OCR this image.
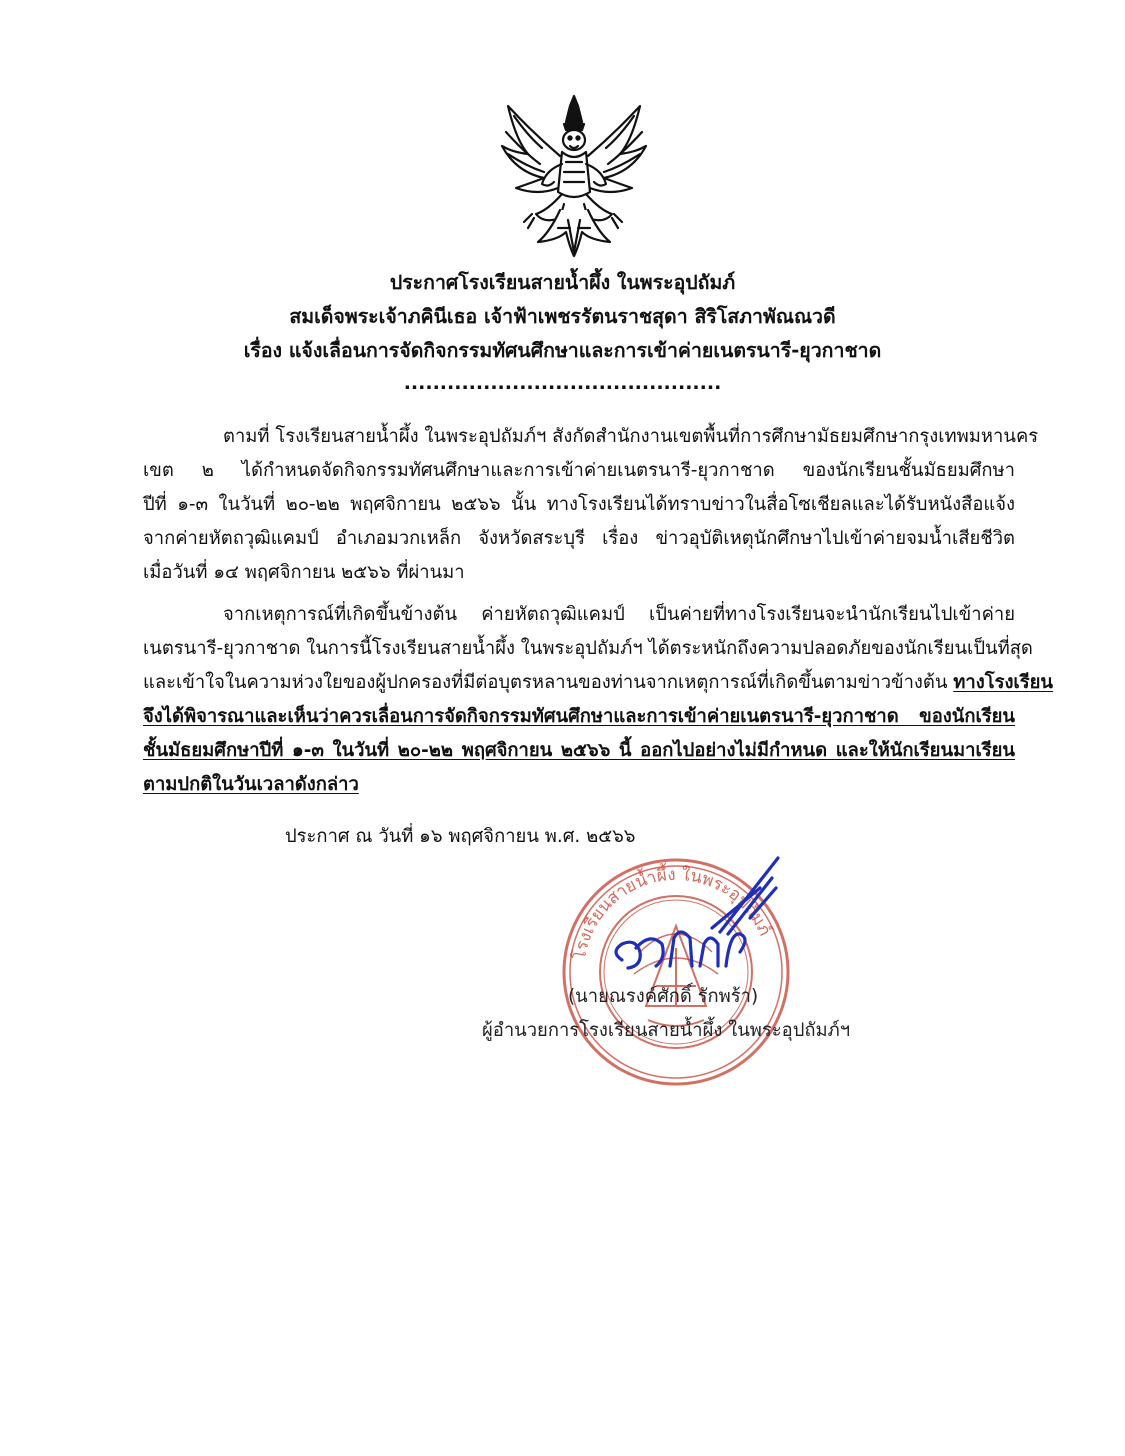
ประกาศโรงเรียนสายน้ำผึ้ง ในพระอุปถัมภ์
สมเด็จพระเจ้าภคินีเธอ เจ้าฟ้าเพชรรัตนราชสุดา สิริโสภาพัณณวดี
เรื่อง แจ้งเลื่อนการจัดกิจกรรมทัศนศึกษาและการเข้าค่ายเนตรนารี-ยุวกาชาด
............................................
ตามที่ โรงเรียนสายน้ำผึ้ง ในพระอุปถัมภ์ฯ สังกัดสำนักงานเขตพื้นที่การศึกษามัธยมศึกษากรุงเทพมหานคร
เขต ๒ ได้กำหนดจัดกิจกรรมทัศนศึกษาและการเข้าค่ายเนตรนารี-ยุวกาชาด ของนักเรียนชั้นมัธยมศึกษา
ปีที่ ๑-๓ ในวันที่ ๒๐-๒๒ พฤศจิกายน ๒๕๖๖ นั้น ทางโรงเรียนได้ทราบข่าวในสื่อโซเชียลและได้รับหนังสือแจ้ง
จากค่ายหัตถวุฒิแคมป์ อำเภอมวกเหล็ก จังหวัดสระบุรี เรื่อง ข่าวอุบัติเหตุนักศึกษาไปเข้าค่ายจมน้ำเสียชีวิต
เมื่อวันที่ ๑๔ พฤศจิกายน ๒๕๖๖ ที่ผ่านมา
จากเหตุการณ์ที่เกิดขึ้นข้างต้น ค่ายหัตถวุฒิแคมป์ เป็นค่ายที่ทางโรงเรียนจะนำนักเรียนไปเข้าค่าย
เนตรนารี-ยุวกาชาด ในการนี้โรงเรียนสายน้ำผึ้ง ในพระอุปถัมภ์ฯ ได้ตระหนักถึงความปลอดภัยของนักเรียนเป็นที่สุด
และเข้าใจในความห่วงใยของผู้ปกครองที่มีต่อบุตรหลานของท่านจากเหตุการณ์ที่เกิดขึ้นตามข่าวข้างต้น ทางโรงเรียน
จึงได้พิจารณาและเห็นว่าควรเลื่อนการจัดกิจกรรมทัศนศึกษาและการเข้าค่ายเนตรนารี-ยุวกาชาด ของนักเรียน
ชั้นมัธยมศึกษาปีที่ ๑-๓ ในวันที่ ๒๐-๒๒ พฤศจิกายน ๒๕๖๖ นี้ ออกไปอย่างไม่มีกำหนด และให้นักเรียนมาเรียน
ตามปกติในวันเวลาดังกล่าว
ประกาศ ณ วันที่ ๑๖ พฤศจิกายน พ.ศ. ๒๕๖๖
โรงเรียนสายน้ำผึ้ง ในพระอุปถัมภ์
(นายณรงค์ศักดิ์ รักพร้า)
ผู้อำนวยการโรงเรียนสายน้ำผึ้ง ในพระอุปถัมภ์ฯ
